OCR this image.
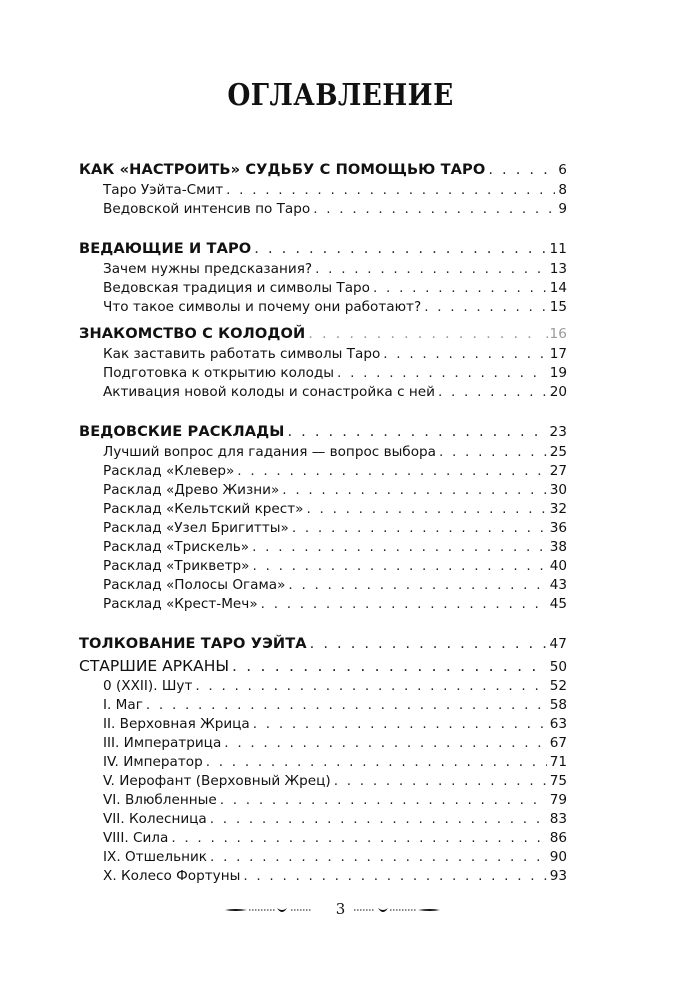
ОГЛАВЛЕНИЕ
КАК «НАСТРОИТЬ» СУДЬБУ С ПОМОЩЬЮ ТАРО . . .	6
Таро Уэйта-Смит . . .	8
Ведовской интенсив по Таро . . .	9
ВЕДАЮЩИЕ И ТАРО . . .	11
Зачем нужны предсказания? . . .	13
Ведовская традиция и символы Таро . . .	14
Что такое символы и почему они работают? . . .	15
ЗНАКОМСТВО С КОЛОДОЙ . . .	.16
Как заставить работать символы Таро . . .	17
Подготовка к открытию колоды . . .	19
Активация новой колоды и сонастройка с ней . . .	20
ВЕДОВСКИЕ РАСКЛАДЫ . . .	23
Лучший вопрос для гадания — вопрос выбора . . .	25
Расклад «Клевер» . . .	27
Расклад «Древо Жизни» . . .	30
Расклад «Кельтский крест» . . .	32
Расклад «Узел Бригитты» . . .	36
Расклад «Трискель» . . .	38
Расклад «Трикветр» . . .	40
Расклад «Полосы Огама» . . .	43
Расклад «Крест-Меч» . . .	45
ТОЛКОВАНИЕ ТАРО УЭЙТА . . .	47
СТАРШИЕ АРКАНЫ . . .	50
0 (XXII). Шут . . .	52
I. Маг . . .	58
II. Верховная Жрица . . .	63
III. Императрица . . .	67
IV. Император . . .	71
V. Иерофант (Верховный Жрец) . . .	75
VI. Влюбленные . . .	79
VII. Колесница . . .	83
VIII. Сила . . .	86
IX. Отшельник . . .	90
X. Колесо Фортуны . . .	93
3
